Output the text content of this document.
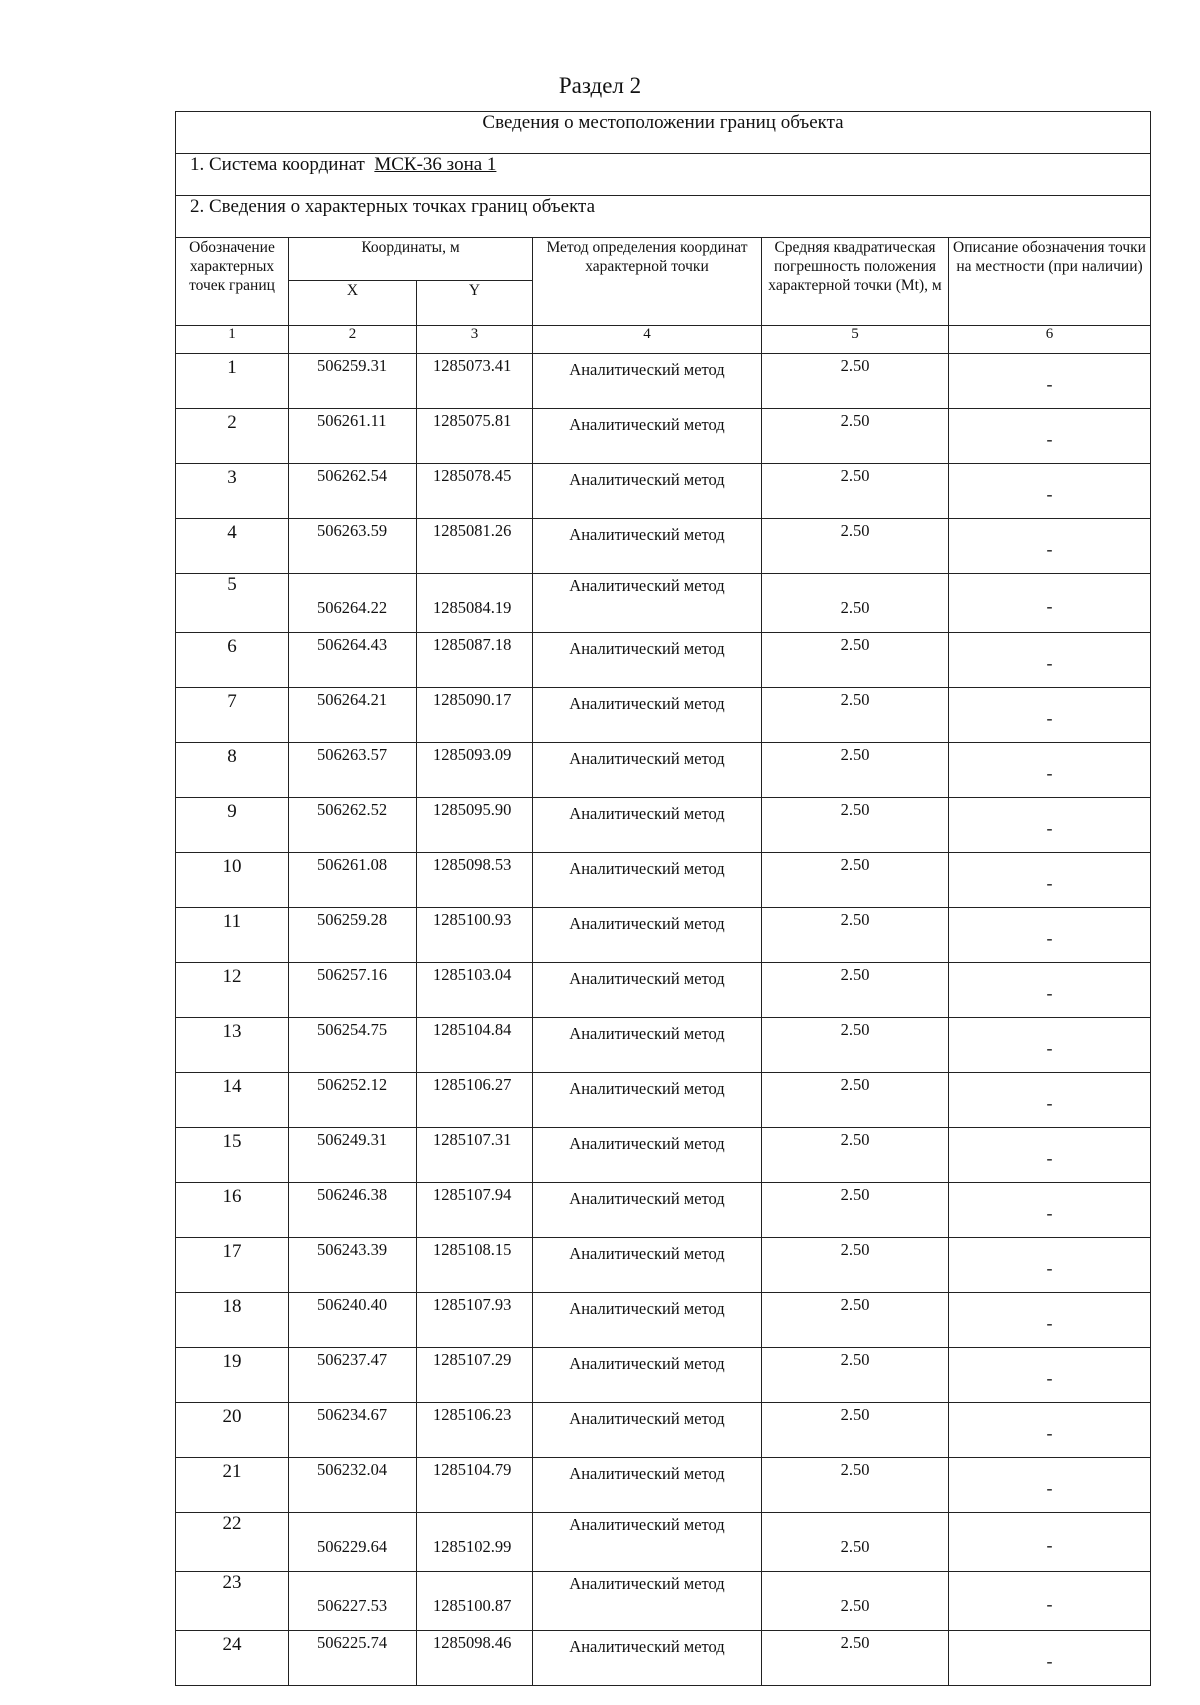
Раздел 2
Сведения о местоположении границ объекта					
1. Система координат МСК-36 зона 1					
2. Сведения о характерных точках границ объекта					
Обозначение характерных точек границ	Координаты, м		Метод определения координат характерной точки	Средняя квадратическая погрешность положения характерной точки (Mt), м	Описание обозначения точки на местности (при наличии)
	X	Y			
1	2	3	4	5	6
1	506259.31	1285073.41	Аналитический метод	2.50	-
2	506261.11	1285075.81	Аналитический метод	2.50	-
3	506262.54	1285078.45	Аналитический метод	2.50	-
4	506263.59	1285081.26	Аналитический метод	2.50	-
5	506264.22	1285084.19	Аналитический метод	2.50	-
6	506264.43	1285087.18	Аналитический метод	2.50	-
7	506264.21	1285090.17	Аналитический метод	2.50	-
8	506263.57	1285093.09	Аналитический метод	2.50	-
9	506262.52	1285095.90	Аналитический метод	2.50	-
10	506261.08	1285098.53	Аналитический метод	2.50	-
11	506259.28	1285100.93	Аналитический метод	2.50	-
12	506257.16	1285103.04	Аналитический метод	2.50	-
13	506254.75	1285104.84	Аналитический метод	2.50	-
14	506252.12	1285106.27	Аналитический метод	2.50	-
15	506249.31	1285107.31	Аналитический метод	2.50	-
16	506246.38	1285107.94	Аналитический метод	2.50	-
17	506243.39	1285108.15	Аналитический метод	2.50	-
18	506240.40	1285107.93	Аналитический метод	2.50	-
19	506237.47	1285107.29	Аналитический метод	2.50	-
20	506234.67	1285106.23	Аналитический метод	2.50	-
21	506232.04	1285104.79	Аналитический метод	2.50	-
22	506229.64	1285102.99	Аналитический метод	2.50	-
23	506227.53	1285100.87	Аналитический метод	2.50	-
24	506225.74	1285098.46	Аналитический метод	2.50	-
